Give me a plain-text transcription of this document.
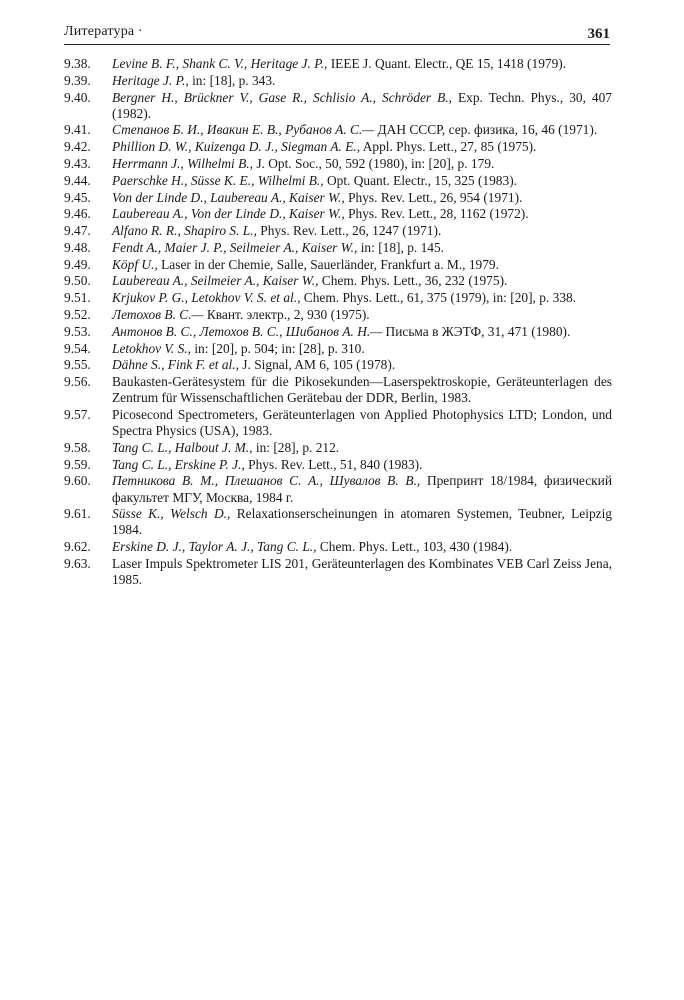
Литература ·	361
9.38. Levine B. F., Shank C. V., Heritage J. P., IEEE J. Quant. Electr., QE 15, 1418 (1979).
9.39. Heritage J. P., in: [18], p. 343.
9.40. Bergner H., Brückner V., Gase R., Schlisio A., Schröder B., Exp. Techn. Phys., 30, 407 (1982).
9.41. Степанов Б. И., Ивакин Е. В., Рубанов А. С.— ДАН СССР, сер. физика, 16, 46 (1971).
9.42. Phillion D. W., Kuizenga D. J., Siegman A. E., Appl. Phys. Lett., 27, 85 (1975).
9.43. Herrmann J., Wilhelmi B., J. Opt. Soc., 50, 592 (1980), in: [20], p. 179.
9.44. Paerschke H., Süsse K. E., Wilhelmi B., Opt. Quant. Electr., 15, 325 (1983).
9.45. Von der Linde D., Laubereau A., Kaiser W., Phys. Rev. Lett., 26, 954 (1971).
9.46. Laubereau A., Von der Linde D., Kaiser W., Phys. Rev. Lett., 28, 1162 (1972).
9.47. Alfano R. R., Shapiro S. L., Phys. Rev. Lett., 26, 1247 (1971).
9.48. Fendt A., Maier J. P., Seilmeier A., Kaiser W., in: [18], p. 145.
9.49. Köpf U., Laser in der Chemie, Salle, Sauerländer, Frankfurt a. M., 1979.
9.50. Laubereau A., Seilmeier A., Kaiser W., Chem. Phys. Lett., 36, 232 (1975).
9.51. Krjukov P. G., Letokhov V. S. et al., Chem. Phys. Lett., 61, 375 (1979), in: [20], p. 338.
9.52. Летохов В. С.— Квант. электр., 2, 930 (1975).
9.53. Антонов В. С., Летохов В. С., Шибанов А. Н.— Письма в ЖЭТФ, 31, 471 (1980).
9.54. Letokhov V. S., in: [20], p. 504; in: [28], p. 310.
9.55. Dähne S., Fink F. et al., J. Signal, AM 6, 105 (1978).
9.56. Baukasten-Gerätesystem für die Pikosekunden—Laserspektroskopie, Geräteunterlagen des Zentrum für Wissenschaftlichen Gerätebau der DDR, Berlin, 1983.
9.57. Picosecond Spectrometers, Geräteunterlagen von Applied Photophysics LTD; London, und Spectra Physics (USA), 1983.
9.58. Tang C. L., Halbout J. M., in: [28], p. 212.
9.59. Tang C. L., Erskine P. J., Phys. Rev. Lett., 51, 840 (1983).
9.60. Петникова В. М., Плешанов С. А., Шувалов В. В., Препринт 18/1984, физический факультет МГУ, Москва, 1984 г.
9.61. Süsse K., Welsch D., Relaxationserscheinungen in atomaren Systemen, Teubner, Leipzig 1984.
9.62. Erskine D. J., Taylor A. J., Tang C. L., Chem. Phys. Lett., 103, 430 (1984).
9.63. Laser Impuls Spektrometer LIS 201, Geräteunterlagen des Kombinates VEB Carl Zeiss Jena, 1985.
